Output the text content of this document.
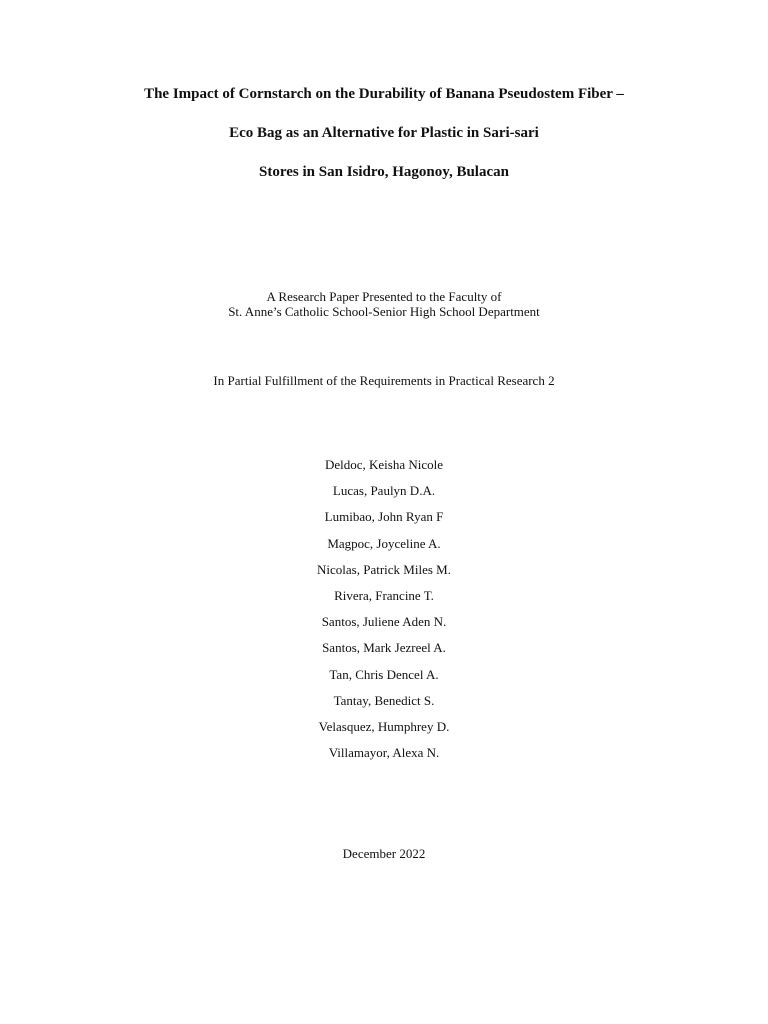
The Impact of Cornstarch on the Durability of Banana Pseudostem Fiber –
Eco Bag as an Alternative for Plastic in Sari-sari
Stores in San Isidro, Hagonoy, Bulacan
A Research Paper Presented to the Faculty of
St. Anne’s Catholic School-Senior High School Department
In Partial Fulfillment of the Requirements in Practical Research 2
Deldoc, Keisha Nicole
Lucas, Paulyn D.A.
Lumibao, John Ryan F
Magpoc, Joyceline A.
Nicolas, Patrick Miles M.
Rivera, Francine T.
Santos, Juliene Aden N.
Santos, Mark Jezreel A.
Tan, Chris Dencel A.
Tantay, Benedict S.
Velasquez, Humphrey D.
Villamayor, Alexa N.
December 2022
